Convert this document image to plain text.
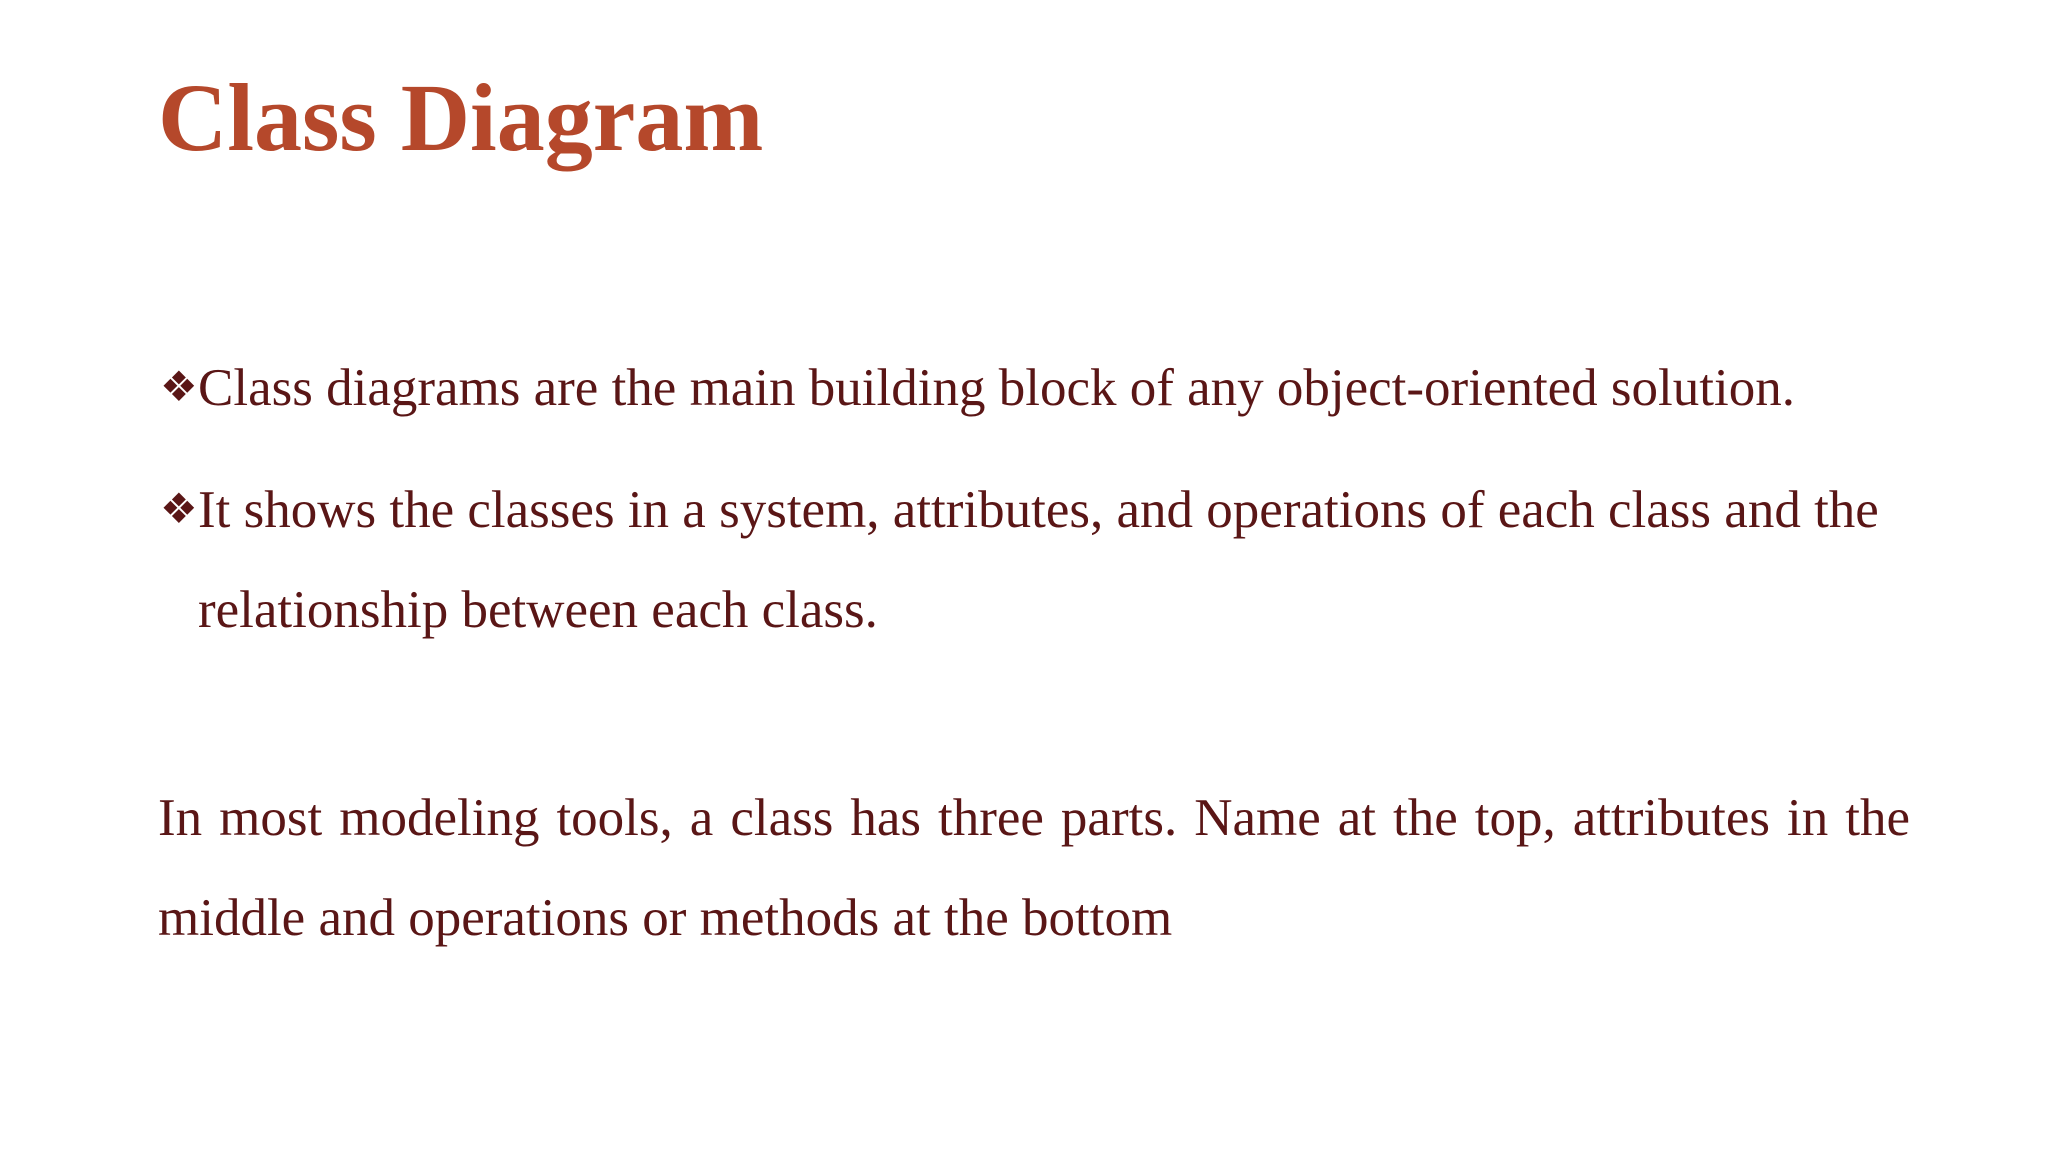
Class Diagram
❖ Class diagrams are the main building block of any object-oriented solution.
❖ It shows the classes in a system, attributes, and operations of each class and the relationship between each class.

In most modeling tools, a class has three parts. Name at the top, attributes in the middle and operations or methods at the bottom
